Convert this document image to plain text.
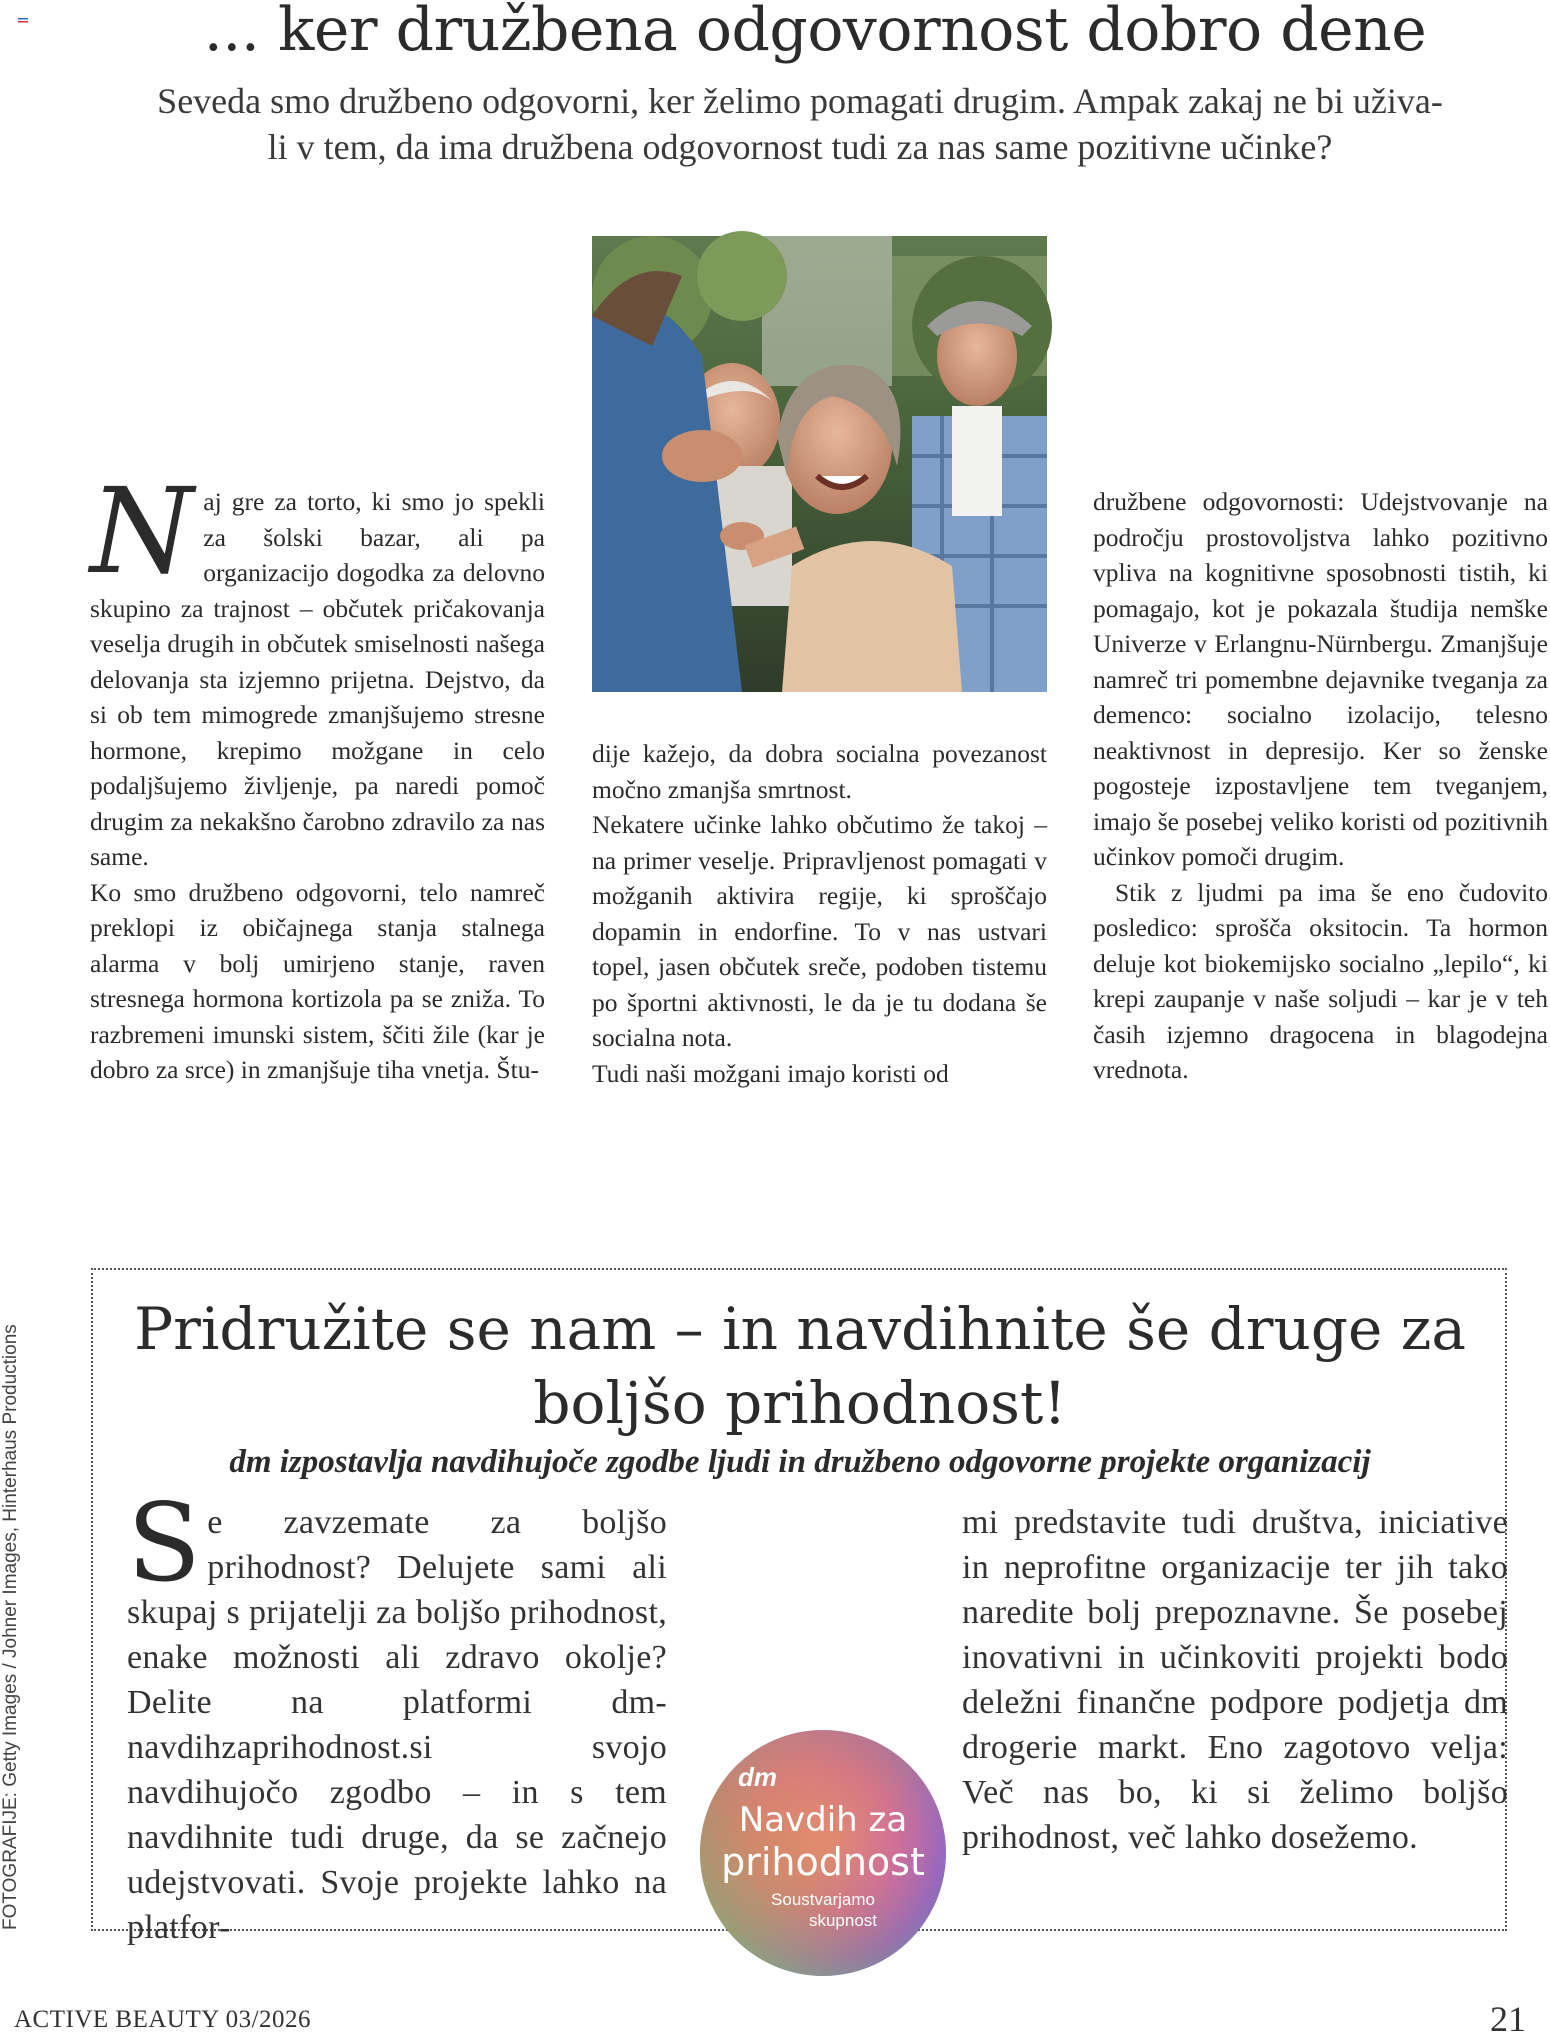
... ker družbena odgovornost dobro dene
Seveda smo družbeno odgovorni, ker želimo pomagati drugim. Ampak zakaj ne bi uživa-
li v tem, da ima družbena odgovornost tudi za nas same pozitivne učinke?

N aj gre za torto, ki smo jo spekli za šolski bazar, ali pa organizacijo dogodka za delovno skupino za trajnost – občutek pričakovanja veselja drugih in občutek smiselnosti našega delovanja sta izjemno prijetna. Dejstvo, da si ob tem mimogrede zmanjšujemo stresne hormone, krepimo možgane in celo podaljšujemo življenje, pa naredi pomoč drugim za nekakšno čarobno zdravilo za nas same.

Ko smo družbeno odgovorni, telo namreč preklopi iz običajnega stanja stalnega alarma v bolj umirjeno stanje, raven stresnega hormona kortizola pa se zniža. To razbremeni imunski sistem, ščiti žile (kar je dobro za srce) in zmanjšuje tiha vnetja. Štu-

dije kažejo, da dobra socialna povezanost močno zmanjša smrtnost.

Nekatere učinke lahko občutimo že takoj – na primer veselje. Pripravljenost pomagati v možganih aktivira regije, ki sproščajo dopamin in endorfine. To v nas ustvari topel, jasen občutek sreče, podoben tistemu po športni aktivnosti, le da je tu dodana še socialna nota.

Tudi naši možgani imajo koristi od

družbene odgovornosti: Udejstvovanje na področju prostovoljstva lahko pozitivno vpliva na kognitivne sposobnosti tistih, ki pomagajo, kot je pokazala študija nemške Univerze v Erlangnu-Nürnbergu. Zmanjšuje namreč tri pomembne dejavnike tveganja za demenco: socialno izolacijo, telesno neaktivnost in depresijo. Ker so ženske pogosteje izpostavljene tem tveganjem, imajo še posebej veliko koristi od pozitivnih učinkov pomoči drugim.

Stik z ljudmi pa ima še eno čudovito posledico: sprošča oksitocin. Ta hormon deluje kot biokemijsko socialno „lepilo“, ki krepi zaupanje v naše soljudi – kar je v teh časih izjemno dragocena in blagodejna vrednota.

Pridružite se nam – in navdihnite še druge za
boljšo prihodnost!
dm izpostavlja navdihujoče zgodbe ljudi in družbeno odgovorne projekte organizacij

S e zavzemate za boljšo prihodnost? Delujete sami ali skupaj s prijatelji za boljšo prihodnost, enake možnosti ali zdravo okolje? Delite na platformi dm-navdihzaprihodnost.si svojo navdihujočo zgodbo – in s tem navdihnite tudi druge, da se začnejo udejstvovati. Svoje projekte lahko na platfor-

mi predstavite tudi društva, iniciative in neprofitne organizacije ter jih tako naredite bolj prepoznavne. Še posebej inovativni in učinkoviti projekti bodo deležni finančne podpore podjetja dm drogerie markt. Eno zagotovo velja: Več nas bo, ki si želimo boljšo prihodnost, več lahko dosežemo.

dm
Navdih za
prihodnost
Soustvarjamo
skupnost
FOTOGRAFIJE: Getty Images / Johner Images, Hinterhaus Productions
ACTIVE BEAUTY 03/2026	21
